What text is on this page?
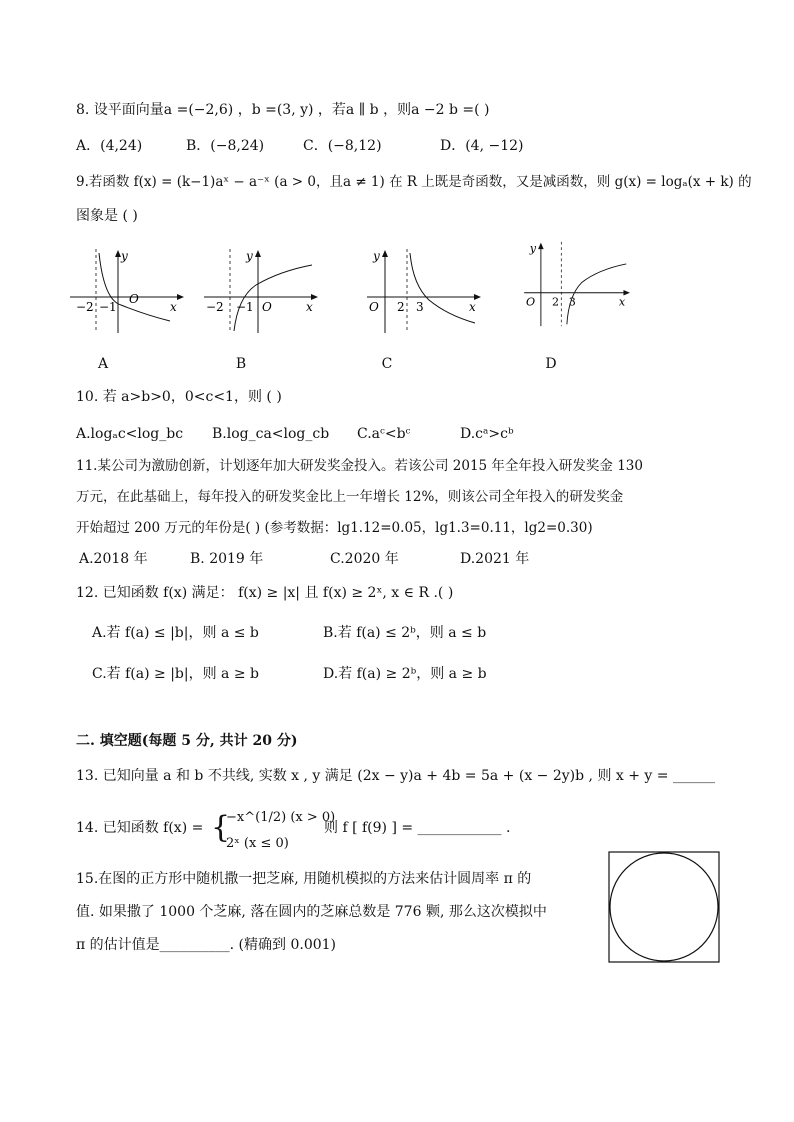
8. 设平面向量a =(−2,6) ，b =(3, y) ，若a ∥ b ，则a −2 b =( )
A．(4,24)	B．(−8,24)	C．(−8,12)	D．(4, −12)
9.若函数 f(x) = (k−1)aˣ − a⁻ˣ (a > 0，且a ≠ 1) 在 R 上既是奇函数，又是减函数，则 g(x) = logₐ(x + k) 的
图象是 ( )
y
x
O
−2 −1
A
y
x
O
−2 −1
B
y
x
O 2 3
C
y
x
O 2 3
D
10. 若 a>b>0，0<c<1，则 ( )
A.logₐc<log_bc B.log_ca<log_cb C.aᶜ<bᶜ	D.cᵃ>cᵇ
11.某公司为激励创新，计划逐年加大研发奖金投入。若该公司 2015 年全年投入研发奖金 130
万元，在此基础上，每年投入的研发奖金比上一年增长 12%，则该公司全年投入的研发奖金
开始超过 200 万元的年份是( ) (参考数据：lg1.12=0.05，lg1.3=0.11，lg2=0.30)
A.2018 年	B. 2019 年	C.2020 年	D.2021 年
12. 已知函数 f(x) 满足： f(x) ≥ |x| 且 f(x) ≥ 2ˣ, x ∈ R .( )
A.若 f(a) ≤ |b|，则 a ≤ b	B.若 f(a) ≤ 2ᵇ，则 a ≤ b
C.若 f(a) ≥ |b|，则 a ≥ b	D.若 f(a) ≥ 2ᵇ，则 a ≥ b
二. 填空题(每题 5 分, 共计 20 分)
13. 已知向量 a 和 b 不共线, 实数 x , y 满足 (2x − y)a + 4b = 5a + (x − 2y)b , 则 x + y = ______
14. 已知函数 f(x) = {
−x^(1/2) (x > 0)
2ˣ (x ≤ 0)
则 f [ f(9) ] = ____________ .
15.在图的正方形中随机撒一把芝麻, 用随机模拟的方法来估计圆周率 π 的
值. 如果撒了 1000 个芝麻, 落在圆内的芝麻总数是 776 颗, 那么这次模拟中
π 的估计值是__________. (精确到 0.001)
